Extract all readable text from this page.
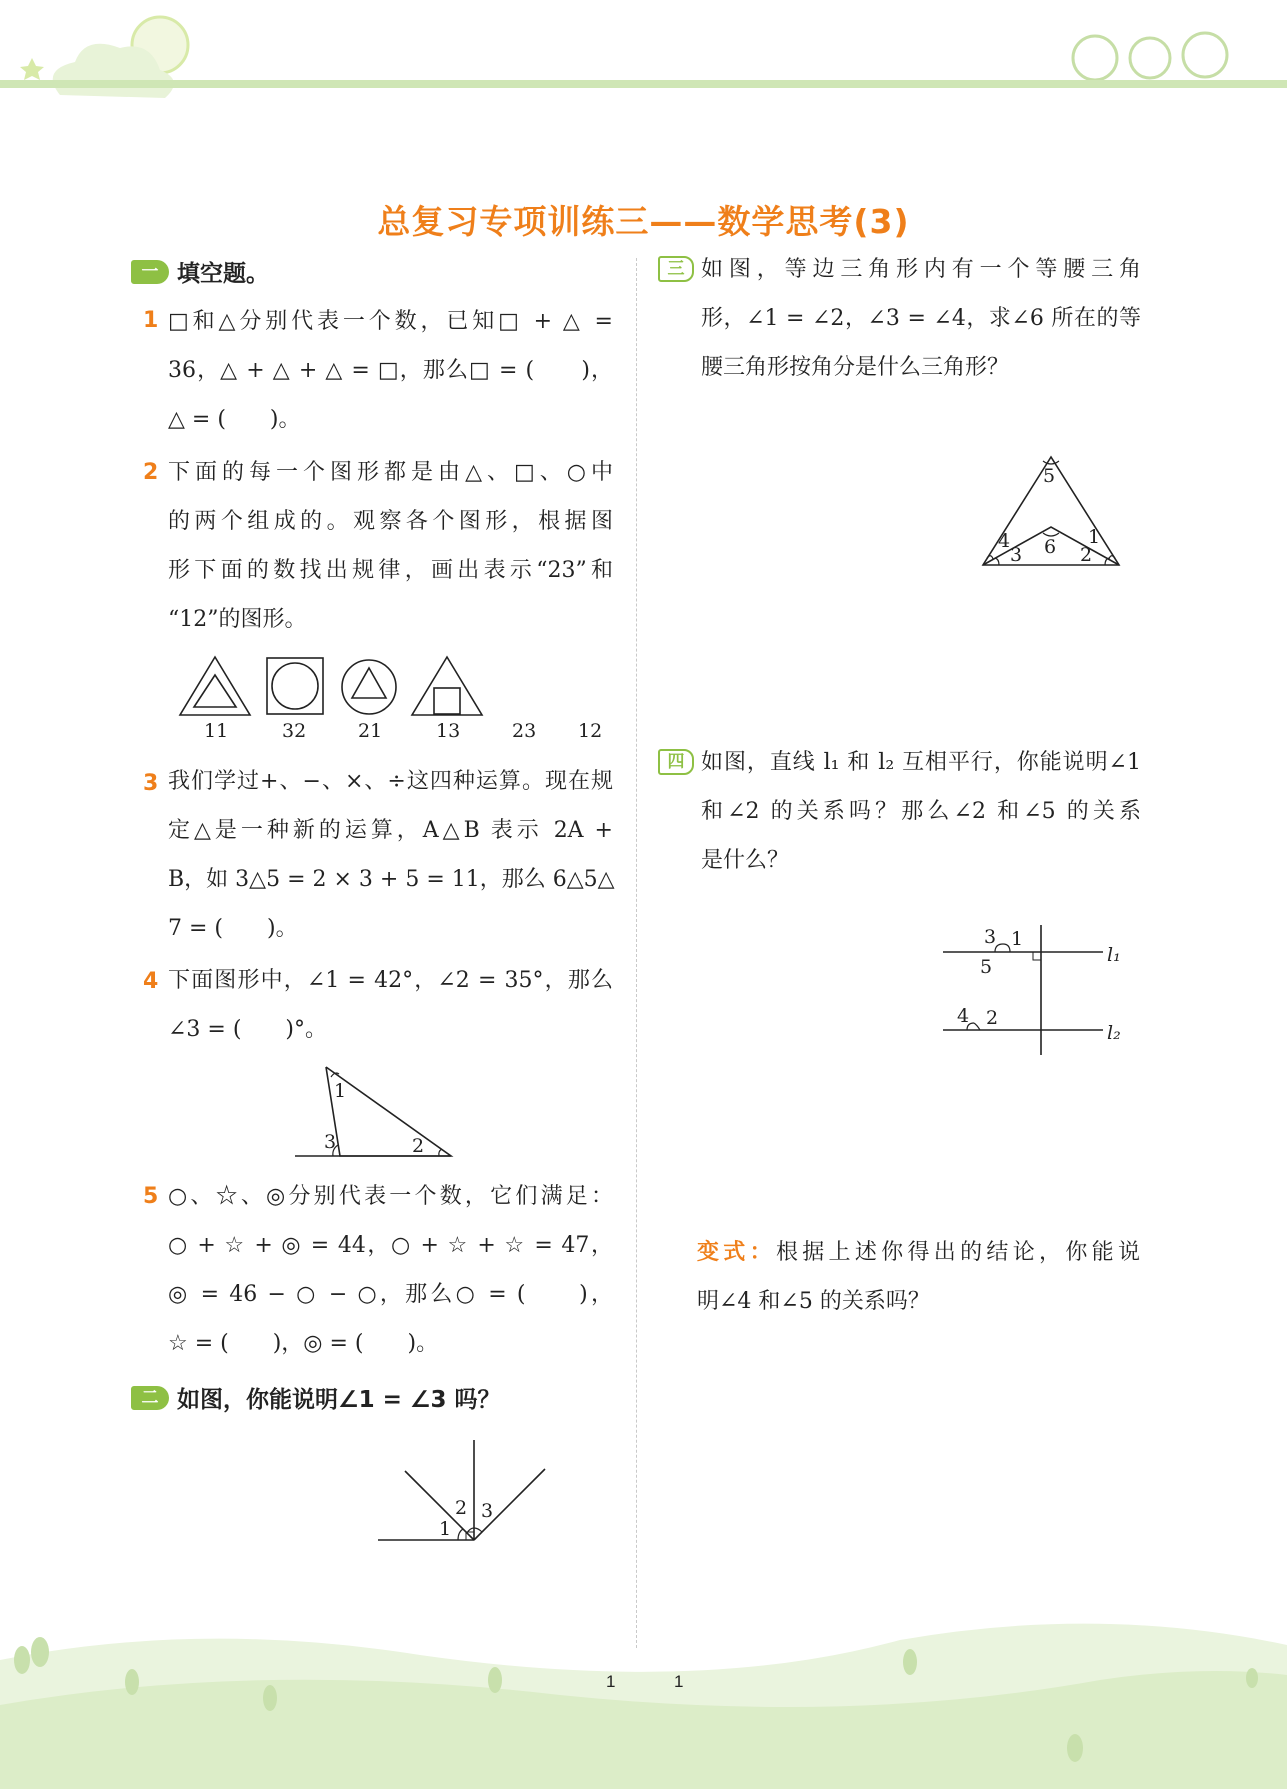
总复习专项训练三——数学思考(3)
一 填空题。
1 □和△分别代表一个数，已知□ + △ =
36，△ + △ + △ = □，那么□ = (　　)，
△ = (　　)。
2 下面的每一个图形都是由△、□、○中
的两个组成的。观察各个图形，根据图
形下面的数找出规律，画出表示“23”和
“12”的图形。
11	32	21	13	23 12
3 我们学过+、−、×、÷这四种运算。现在规
定△是一种新的运算，A△B 表示 2A +
B，如 3△5 = 2 × 3 + 5 = 11，那么 6△5△
7 = (　　)。
4 下面图形中，∠1 = 42°，∠2 = 35°，那么
∠3 = (　　)°。
1
2
3
5 ○、☆、◎分别代表一个数，它们满足：
○ + ☆ + ◎ = 44，○ + ☆ + ☆ = 47，
◎ = 46 − ○ − ○，那么○ = (　　)，
☆ = (　　)，◎ = (　　)。
二 如图，你能说明∠1 = ∠3 吗？
1
2 3
三 如图，等边三角形内有一个等腰三角
形，∠1 = ∠2，∠3 = ∠4，求∠6 所在的等
腰三角形按角分是什么三角形？
5
4
3 6 1
2
四 如图，直线 l₁ 和 l₂ 互相平行，你能说明∠1
和∠2 的关系吗？那么∠2 和∠5 的关系
是什么？
3 1
5
4 2
l₁
l₂
变式：根据上述你得出的结论，你能说
明∠4 和∠5 的关系吗？
1	1
